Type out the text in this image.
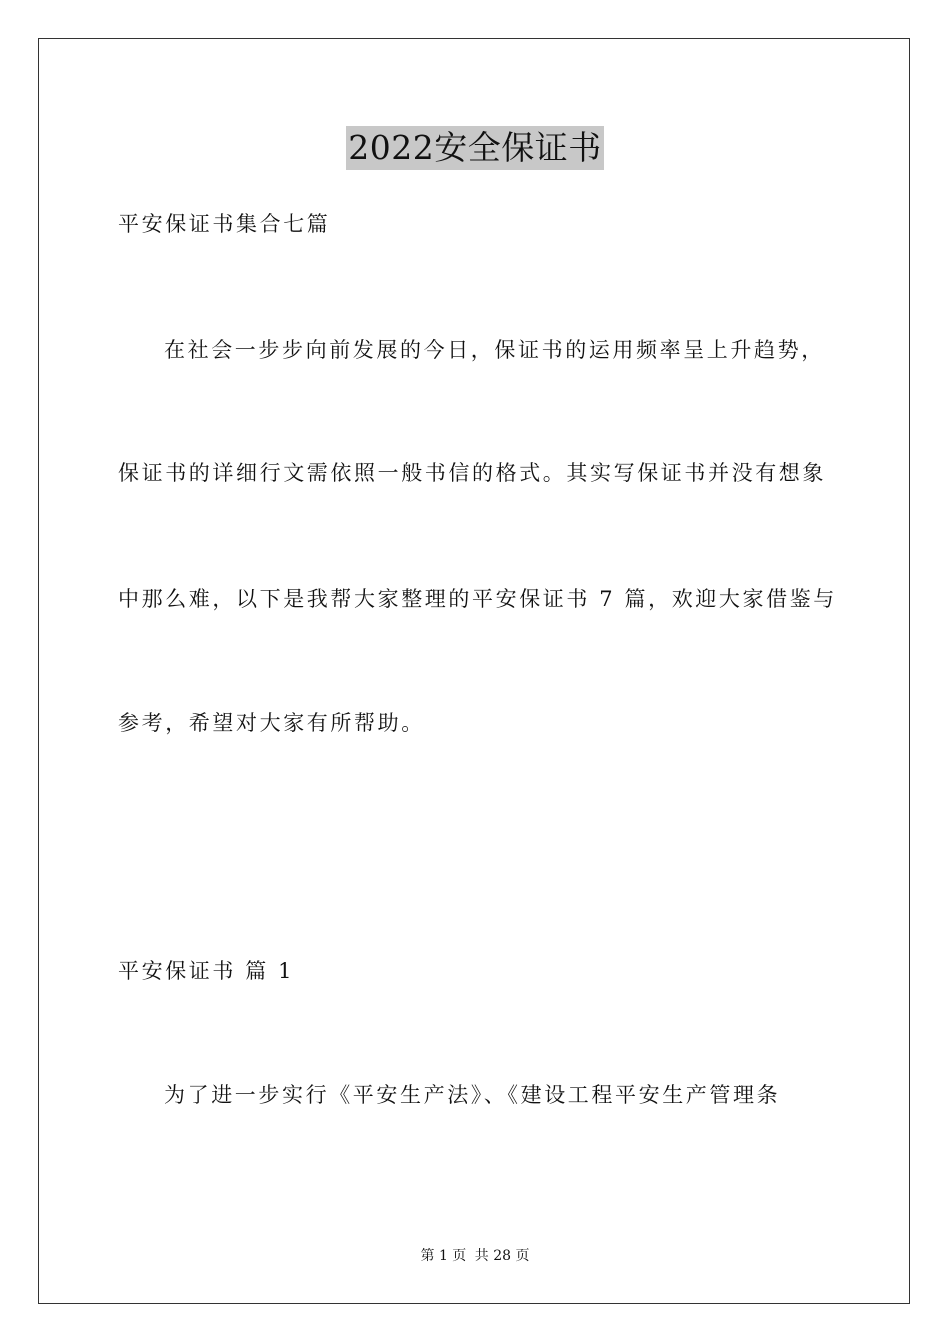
2022安全保证书
平安保证书集合七篇
在社会一步步向前发展的今日，保证书的运用频率呈上升趋势，
保证书的详细行文需依照一般书信的格式。其实写保证书并没有想象
中那么难，以下是我帮大家整理的平安保证书 7 篇，欢迎大家借鉴与
参考，希望对大家有所帮助。
平安保证书 篇 1
为了进一步实行《平安生产法》、《建设工程平安生产管理条
第 1 页 共 28 页
